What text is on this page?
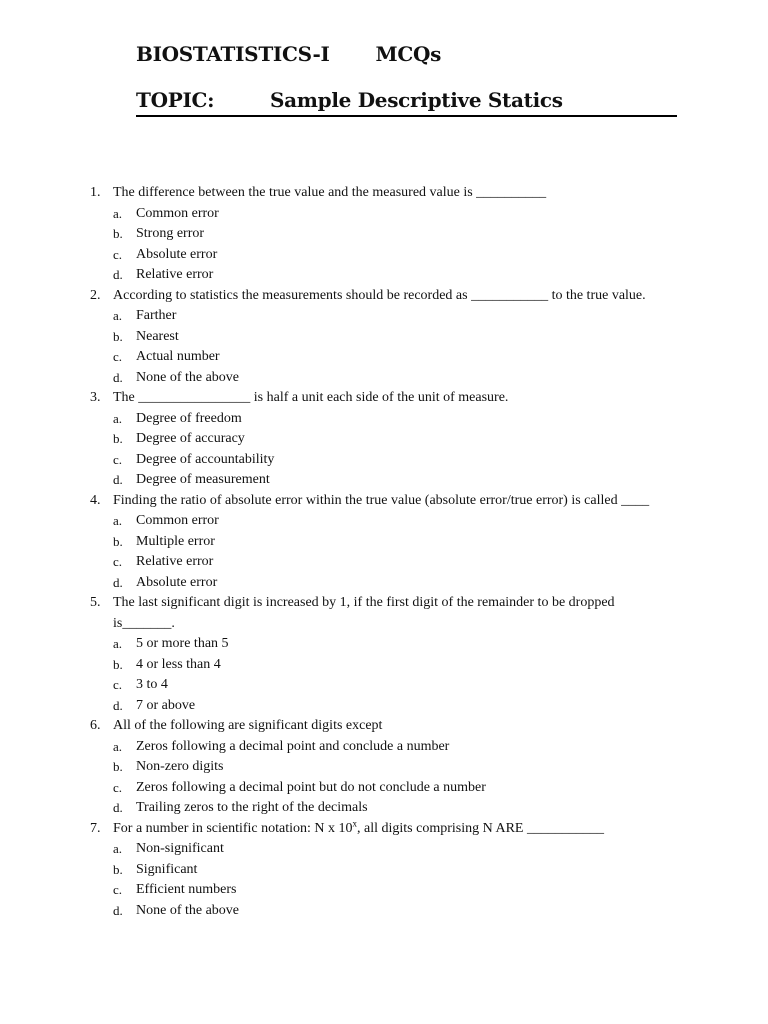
BIOSTATISTICS-I MCQs
TOPIC:	Sample Descriptive Statics
1. The difference between the true value and the measured value is __________
a. Common error
b. Strong error
c. Absolute error
d. Relative error
2. According to statistics the measurements should be recorded as ___________ to the true value.
a. Farther
b. Nearest
c. Actual number
d. None of the above
3. The ________________ is half a unit each side of the unit of measure.
a. Degree of freedom
b. Degree of accuracy
c. Degree of accountability
d. Degree of measurement
4. Finding the ratio of absolute error within the true value (absolute error/true error) is called ____
a. Common error
b. Multiple error
c. Relative error
d. Absolute error
5. The last significant digit is increased by 1, if the first digit of the remainder to be dropped is_______.
a. 5 or more than 5
b. 4 or less than 4
c. 3 to 4
d. 7 or above
6. All of the following are significant digits except
a. Zeros following a decimal point and conclude a number
b. Non-zero digits
c. Zeros following a decimal point but do not conclude a number
d. Trailing zeros to the right of the decimals
7. For a number in scientific notation: N x 10$^x$, all digits comprising N ARE ___________
a. Non-significant
b. Significant
c. Efficient numbers
d. None of the above
